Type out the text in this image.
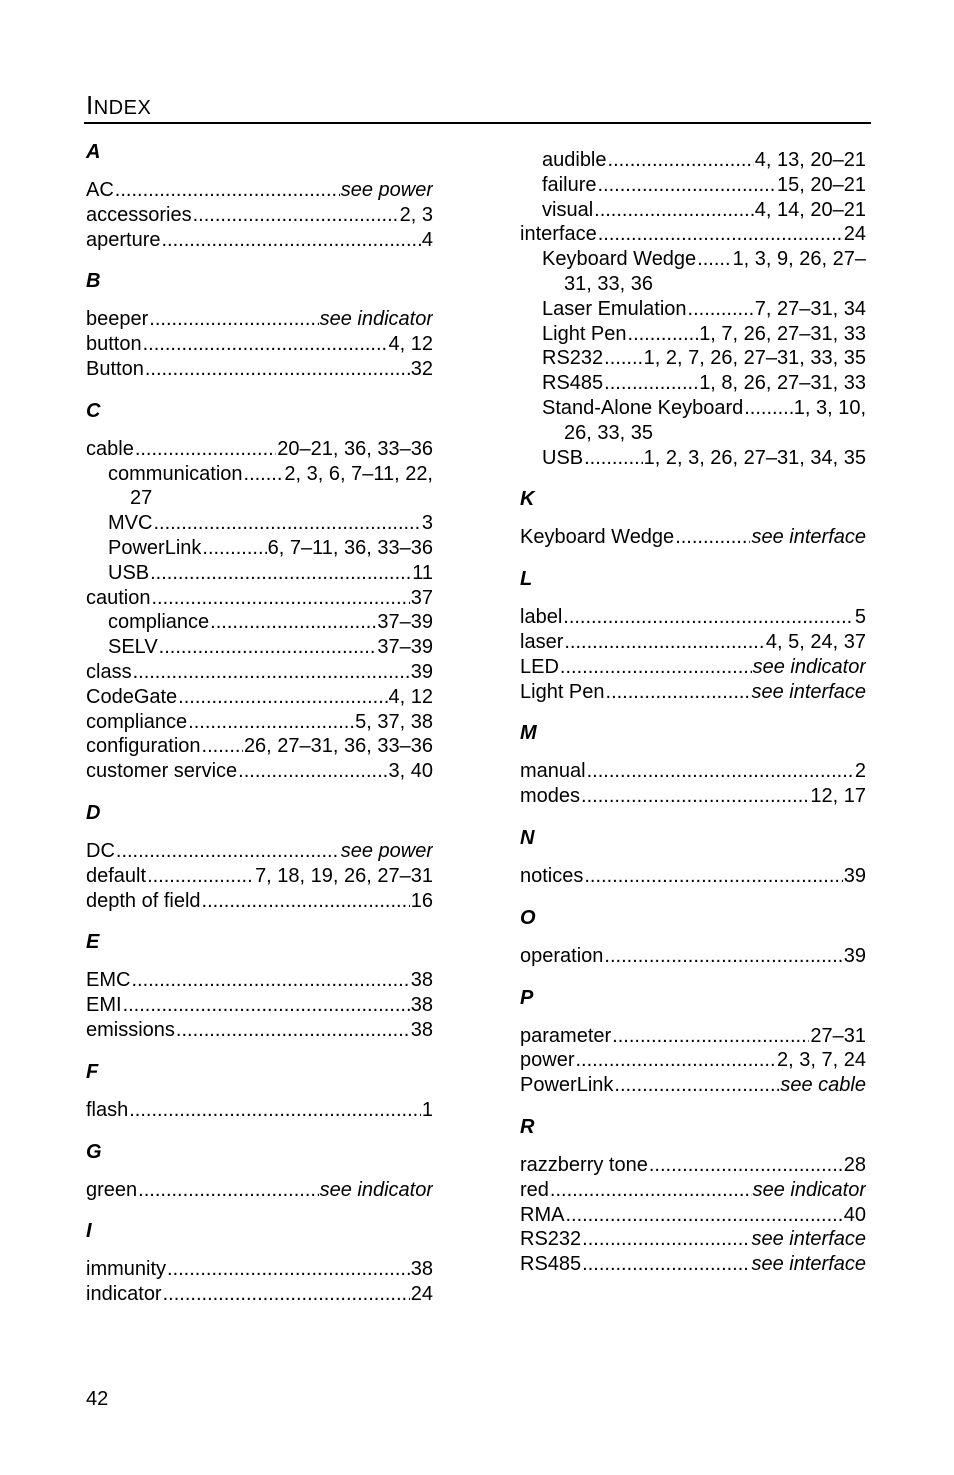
INDEX
A
AC .....	see power
accessories .....	2, 3
aperture .....	4
B
beeper .....	see indicator
button .....	4, 12
Button .....	32
C
cable .....	20–21, 36, 33–36
communication ..... 2, 3, 6, 7–11, 22,
27
MVC .....	3
PowerLink .....	6, 7–11, 36, 33–36
USB .....	11
caution .....	37
compliance .....	37–39
SELV .....	37–39
class .....	39
CodeGate .....	4, 12
compliance .....	5, 37, 38
configuration ..... 26, 27–31, 36, 33–36
customer service .....	3, 40
D
DC .....	see power
default .....	7, 18, 19, 26, 27–31
depth of field .....	16
E
EMC .....	38
EMI .....	38
emissions .....	38
F
flash .....	1
G
green .....	see indicator
I
immunity .....	38
indicator .....	24
audible .....	4, 13, 20–21
failure .....	15, 20–21
visual .....	4, 14, 20–21
interface .....	24
Keyboard Wedge ..... 1, 3, 9, 26, 27–
31, 33, 36
Laser Emulation .....	7, 27–31, 34
Light Pen .....	1, 7, 26, 27–31, 33
RS232 ..... 1, 2, 7, 26, 27–31, 33, 35
RS485 .....	1, 8, 26, 27–31, 33
Stand-Alone Keyboard .....	1, 3, 10,
26, 33, 35
USB .....	1, 2, 3, 26, 27–31, 34, 35
K
Keyboard Wedge .....	see interface
L
label .....	5
laser .....	4, 5, 24, 37
LED .....	see indicator
Light Pen .....	see interface
M
manual .....	2
modes .....	12, 17
N
notices .....	39
O
operation .....	39
P
parameter .....	27–31
power .....	2, 3, 7, 24
PowerLink .....	see cable
R
razzberry tone .....	28
red .....	see indicator
RMA .....	40
RS232 .....	see interface
RS485 .....	see interface
42
